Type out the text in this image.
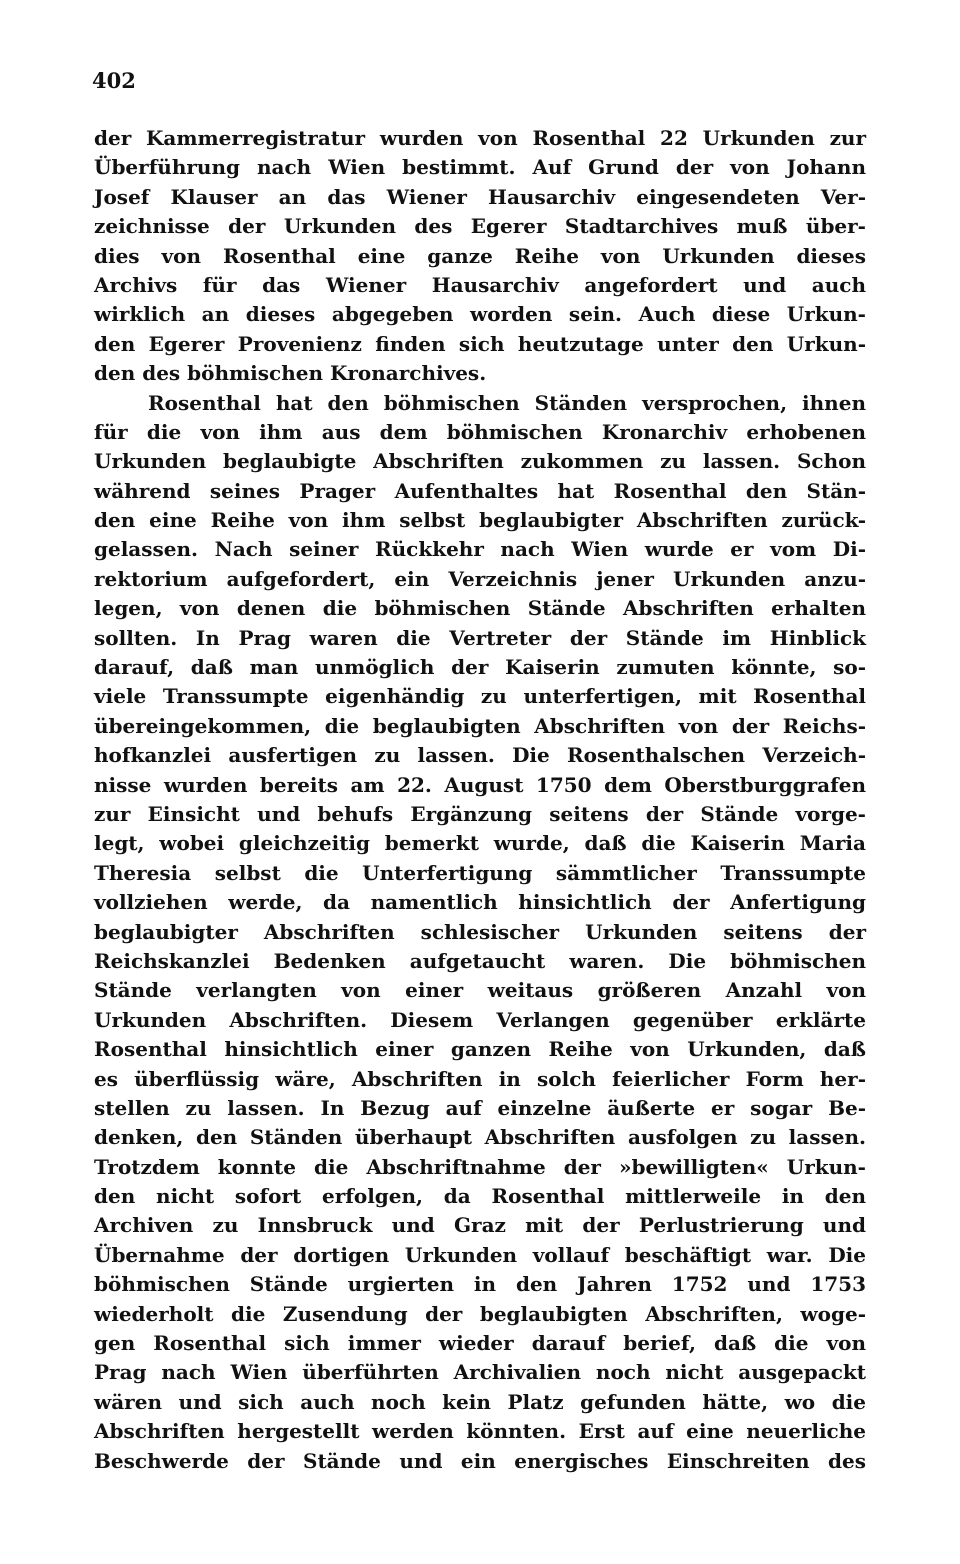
402
der Kammerregistratur wurden von Rosenthal 22 Urkunden zur
Überführung nach Wien bestimmt. Auf Grund der von Johann
Josef Klauser an das Wiener Hausarchiv eingesendeten Ver-
zeichnisse der Urkunden des Egerer Stadtarchives muß über-
dies von Rosenthal eine ganze Reihe von Urkunden dieses
Archivs für das Wiener Hausarchiv angefordert und auch
wirklich an dieses abgegeben worden sein. Auch diese Urkun-
den Egerer Provenienz finden sich heutzutage unter den Urkun-
den des böhmischen Kronarchives.
Rosenthal hat den böhmischen Ständen versprochen, ihnen
für die von ihm aus dem böhmischen Kronarchiv erhobenen
Urkunden beglaubigte Abschriften zukommen zu lassen. Schon
während seines Prager Aufenthaltes hat Rosenthal den Stän-
den eine Reihe von ihm selbst beglaubigter Abschriften zurück-
gelassen. Nach seiner Rückkehr nach Wien wurde er vom Di-
rektorium aufgefordert, ein Verzeichnis jener Urkunden anzu-
legen, von denen die böhmischen Stände Abschriften erhalten
sollten. In Prag waren die Vertreter der Stände im Hinblick
darauf, daß man unmöglich der Kaiserin zumuten könnte, so-
viele Transsumpte eigenhändig zu unterfertigen, mit Rosenthal
übereingekommen, die beglaubigten Abschriften von der Reichs-
hofkanzlei ausfertigen zu lassen. Die Rosenthalschen Verzeich-
nisse wurden bereits am 22. August 1750 dem Oberstburggrafen
zur Einsicht und behufs Ergänzung seitens der Stände vorge-
legt, wobei gleichzeitig bemerkt wurde, daß die Kaiserin Maria
Theresia selbst die Unterfertigung sämmtlicher Transsumpte
vollziehen werde, da namentlich hinsichtlich der Anfertigung
beglaubigter Abschriften schlesischer Urkunden seitens der
Reichskanzlei Bedenken aufgetaucht waren. Die böhmischen
Stände verlangten von einer weitaus größeren Anzahl von
Urkunden Abschriften. Diesem Verlangen gegenüber erklärte
Rosenthal hinsichtlich einer ganzen Reihe von Urkunden, daß
es überflüssig wäre, Abschriften in solch feierlicher Form her-
stellen zu lassen. In Bezug auf einzelne äußerte er sogar Be-
denken, den Ständen überhaupt Abschriften ausfolgen zu lassen.
Trotzdem konnte die Abschriftnahme der »bewilligten« Urkun-
den nicht sofort erfolgen, da Rosenthal mittlerweile in den
Archiven zu Innsbruck und Graz mit der Perlustrierung und
Übernahme der dortigen Urkunden vollauf beschäftigt war. Die
böhmischen Stände urgierten in den Jahren 1752 und 1753
wiederholt die Zusendung der beglaubigten Abschriften, woge-
gen Rosenthal sich immer wieder darauf berief, daß die von
Prag nach Wien überführten Archivalien noch nicht ausgepackt
wären und sich auch noch kein Platz gefunden hätte, wo die
Abschriften hergestellt werden könnten. Erst auf eine neuerliche
Beschwerde der Stände und ein energisches Einschreiten des
